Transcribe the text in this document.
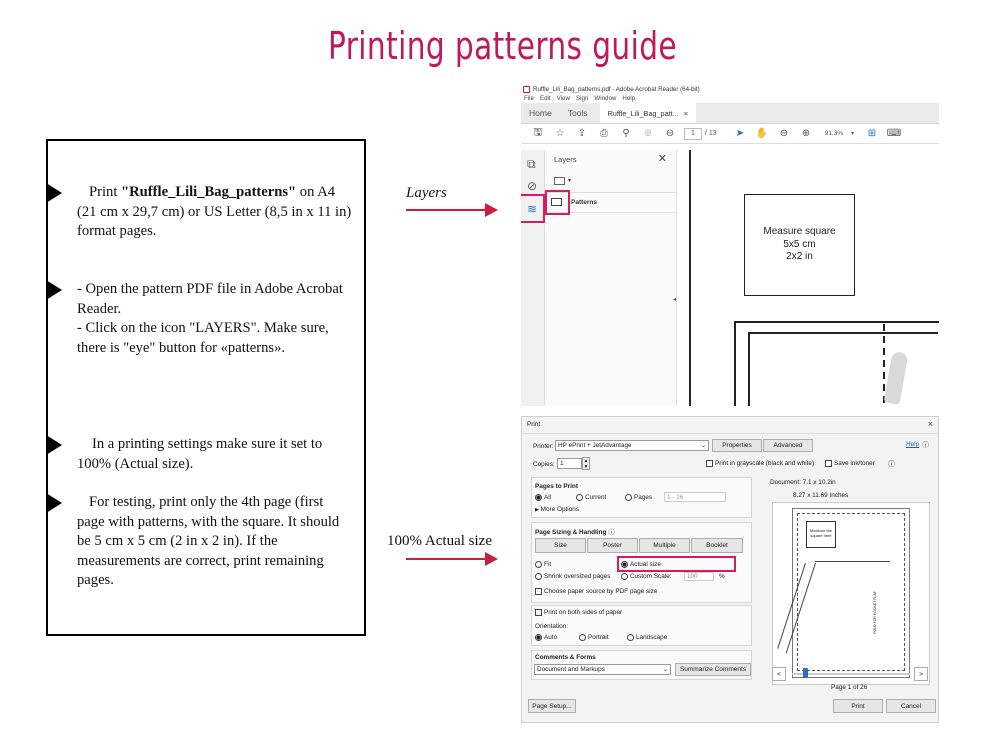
Printing patterns guide
Print "Ruffle_Lili_Bag_patterns" on A4 (21 cm x 29,7 cm) or US Letter (8,5 in x 11 in) format pages.
- Open the pattern PDF file in Adobe Acrobat Reader.
- Click on the icon "LAYERS". Make sure, there is "eye" button for «patterns».
In a printing settings make sure it set to 100% (Actual size).
For testing, print only the 4th page (first page with patterns, with the square. It should be 5 cm x 5 cm (2 in x 2 in). If the measurements are correct, print remaining pages.
Layers
100% Actual size
Ruffle_Lili_Bag_patterns.pdf - Adobe Acrobat Reader (64-bit)
File Edit View Sign Window Help
Home	Tools	Ruffle_Lili_Bag_patt... ×
🖫	☆	⇪	⎙	⚲	⊕	⊖	1	/ 13	➤	✋	⊖	⊕	91,3%	▾	⊞	⌨
⧉
⊘
≋
Layers	✕
▾
Patterns
Measure square
5x5 cm
2x2 in
◂
Print	×
Printer: HP ePrint + JetAdvantage	⌄	Properties	Advanced	Help ⓘ
Copies: 1	▲
▼	Print in grayscale (black and white)	Save ink/toner ⓘ
Pages to Print
All	Current	Pages	1 - 26
▶ More Options
Page Sizing & Handling ⓘ
Size	Poster	Multiple	Booklet
Fit	Actual size
Shrink oversized pages	Custom Scale:	100	%
Choose paper source by PDF page size
Print on both sides of paper
Orientation:
Auto	Portrait	Landscape
Comments & Forms
Document and Markups	⌄	Summarize Comments
Document: 7.1 x 10.2in
8.27 x 11.69 Inches
Measure the
square here
FOLD FOR POCKET FLAP
<	>
Page 1 of 26
Page Setup...	Print	Cancel
